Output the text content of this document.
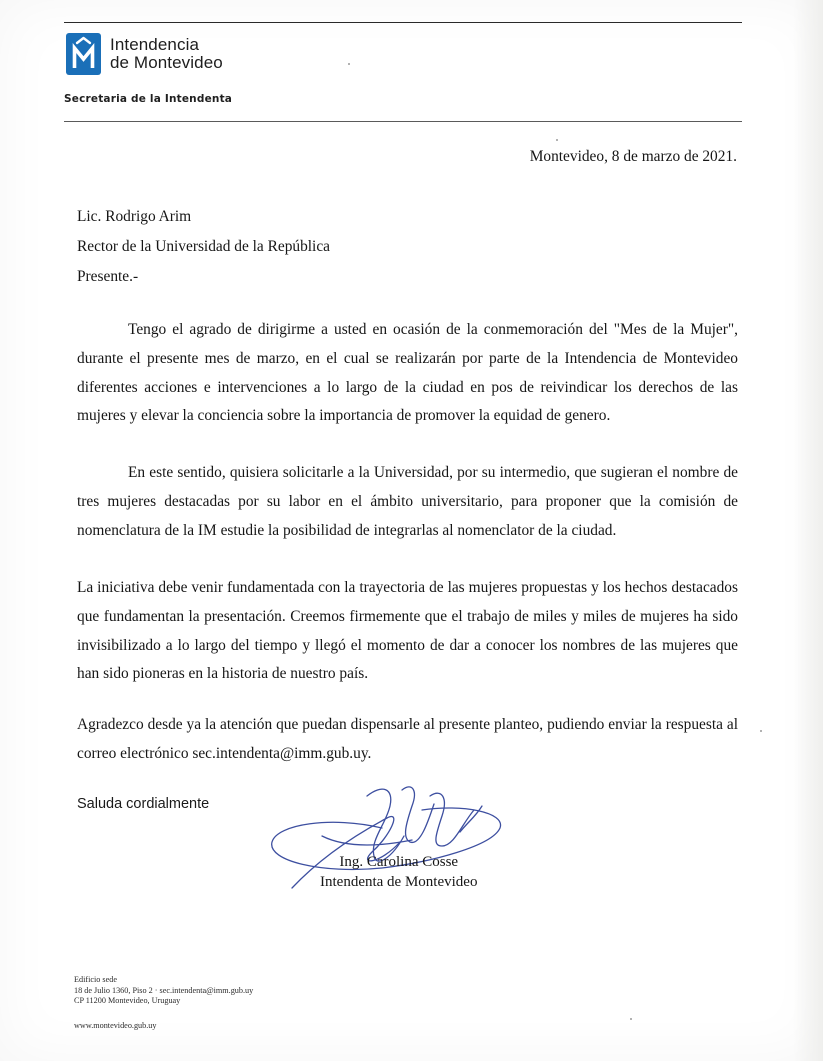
Intendencia
de Montevideo
Secretaria de la Intendenta
Montevideo, 8 de marzo de 2021.
Lic. Rodrigo Arim
Rector de la Universidad de la República
Presente.-

Tengo el agrado de dirigirme a usted en ocasión de la conmemoración del "Mes de la Mujer", durante el presente mes de marzo, en el cual se realizarán por parte de la Intendencia de Montevideo diferentes acciones e intervenciones a lo largo de la ciudad en pos de reivindicar los derechos de las mujeres y elevar la conciencia sobre la importancia de promover la equidad de genero.

En este sentido, quisiera solicitarle a la Universidad, por su intermedio, que sugieran el nombre de tres mujeres destacadas por su labor en el ámbito universitario, para proponer que la comisión de nomenclatura de la IM estudie la posibilidad de integrarlas al nomenclator de la ciudad.

La iniciativa debe venir fundamentada con la trayectoria de las mujeres propuestas y los hechos destacados que fundamentan la presentación. Creemos firmemente que el trabajo de miles y miles de mujeres ha sido invisibilizado a lo largo del tiempo y llegó el momento de dar a conocer los nombres de las mujeres que han sido pioneras en la historia de nuestro país.

Agradezco desde ya la atención que puedan dispensarle al presente planteo, pudiendo enviar la respuesta al correo electrónico sec.intendenta@imm.gub.uy.

Saluda cordialmente
Ing. Carolina Cosse
Intendenta de Montevideo
Edificio sede
18 de Julio 1360, Piso 2 · sec.intendenta@imm.gub.uy
CP 11200 Montevideo, Uruguay
www.montevideo.gub.uy
